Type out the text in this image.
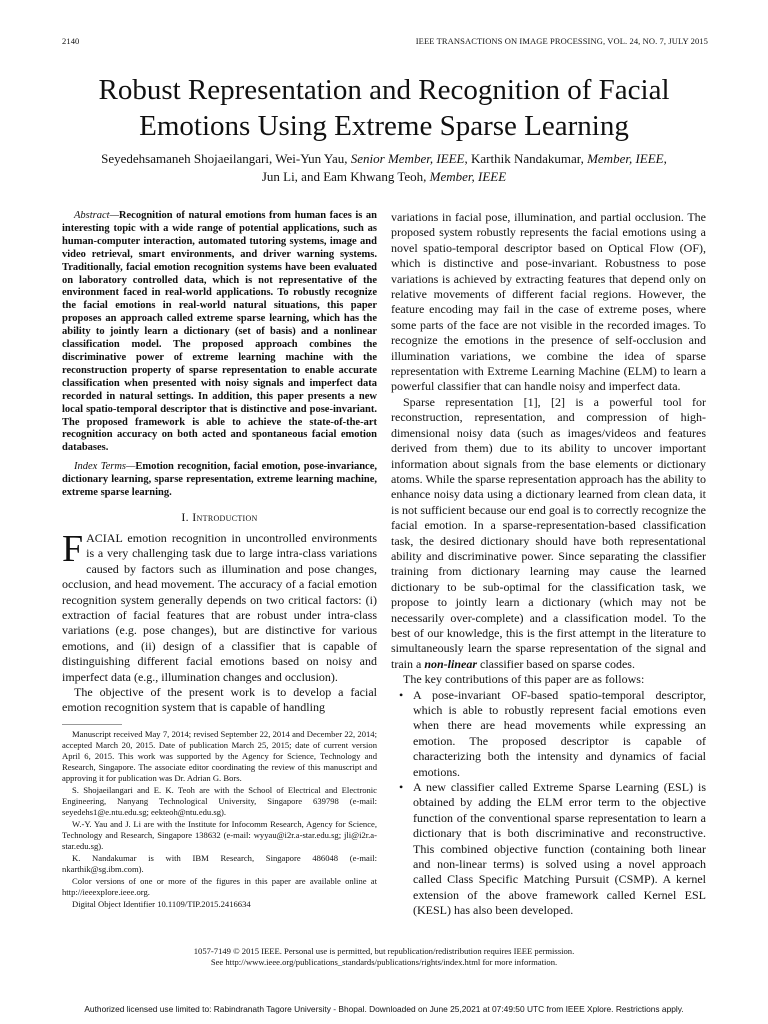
2140	IEEE TRANSACTIONS ON IMAGE PROCESSING, VOL. 24, NO. 7, JULY 2015
Robust Representation and Recognition of Facial
Emotions Using Extreme Sparse Learning
Seyedehsamaneh Shojaeilangari, Wei-Yun Yau, Senior Member, IEEE, Karthik Nandakumar, Member, IEEE,
Jun Li, and Eam Khwang Teoh, Member, IEEE

Abstract—Recognition of natural emotions from human faces is an interesting topic with a wide range of potential applications, such as human-computer interaction, automated tutoring systems, image and video retrieval, smart environments, and driver warning systems. Traditionally, facial emotion recognition systems have been evaluated on laboratory controlled data, which is not representative of the environment faced in real-world applications. To robustly recognize the facial emotions in real-world natural situations, this paper proposes an approach called extreme sparse learning, which has the ability to jointly learn a dictionary (set of basis) and a nonlinear classification model. The proposed approach combines the discriminative power of extreme learning machine with the reconstruction property of sparse representation to enable accurate classification when presented with noisy signals and imperfect data recorded in natural settings. In addition, this paper presents a new local spatio-temporal descriptor that is distinctive and pose-invariant. The proposed framework is able to achieve the state-of-the-art recognition accuracy on both acted and spontaneous facial emotion databases.

Index Terms—Emotion recognition, facial emotion, pose-invariance, dictionary learning, sparse representation, extreme learning machine, extreme sparse learning.

I. Introduction

FACIAL emotion recognition in uncontrolled environments is a very challenging task due to large intra-class variations caused by factors such as illumination and pose changes, occlusion, and head movement. The accuracy of a facial emotion recognition system generally depends on two critical factors: (i) extraction of facial features that are robust under intra-class variations (e.g. pose changes), but are distinctive for various emotions, and (ii) design of a classifier that is capable of distinguishing different facial emotions based on noisy and imperfect data (e.g., illumination changes and occlusion).

The objective of the present work is to develop a facial emotion recognition system that is capable of handling

Manuscript received May 7, 2014; revised September 22, 2014 and December 22, 2014; accepted March 20, 2015. Date of publication March 25, 2015; date of current version April 6, 2015. This work was supported by the Agency for Science, Technology and Research, Singapore. The associate editor coordinating the review of this manuscript and approving it for publication was Dr. Adrian G. Bors.

S. Shojaeilangari and E. K. Teoh are with the School of Electrical and Electronic Engineering, Nanyang Technological University, Singapore 639798 (e-mail: seyedehs1@e.ntu.edu.sg; eekteoh@ntu.edu.sg).

W.-Y. Yau and J. Li are with the Institute for Infocomm Research, Agency for Science, Technology and Research, Singapore 138632 (e-mail: wyyau@i2r.a-star.edu.sg; jli@i2r.a-star.edu.sg).

K. Nandakumar is with IBM Research, Singapore 486048 (e-mail: nkarthik@sg.ibm.com).

Color versions of one or more of the figures in this paper are available online at http://ieeexplore.ieee.org.

Digital Object Identifier 10.1109/TIP.2015.2416634

variations in facial pose, illumination, and partial occlusion. The proposed system robustly represents the facial emotions using a novel spatio-temporal descriptor based on Optical Flow (OF), which is distinctive and pose-invariant. Robustness to pose variations is achieved by extracting features that depend only on relative movements of different facial regions. However, the feature encoding may fail in the case of extreme poses, where some parts of the face are not visible in the recorded images. To recognize the emotions in the presence of self-occlusion and illumination variations, we combine the idea of sparse representation with Extreme Learning Machine (ELM) to learn a powerful classifier that can handle noisy and imperfect data.

Sparse representation [1], [2] is a powerful tool for reconstruction, representation, and compression of high-dimensional noisy data (such as images/videos and features derived from them) due to its ability to uncover important information about signals from the base elements or dictionary atoms. While the sparse representation approach has the ability to enhance noisy data using a dictionary learned from clean data, it is not sufficient because our end goal is to correctly recognize the facial emotion. In a sparse-representation-based classification task, the desired dictionary should have both representational ability and discriminative power. Since separating the classifier training from dictionary learning may cause the learned dictionary to be sub-optimal for the classification task, we propose to jointly learn a dictionary (which may not be necessarily over-complete) and a classification model. To the best of our knowledge, this is the first attempt in the literature to simultaneously learn the sparse representation of the signal and train a non-linear classifier based on sparse codes.

The key contributions of this paper are as follows:

• A pose-invariant OF-based spatio-temporal descriptor, which is able to robustly represent facial emotions even when there are head movements while expressing an emotion. The proposed descriptor is capable of characterizing both the intensity and dynamics of facial emotions.
• A new classifier called Extreme Sparse Learning (ESL) is obtained by adding the ELM error term to the objective function of the conventional sparse representation to learn a dictionary that is both discriminative and reconstructive. This combined objective function (containing both linear and non-linear terms) is solved using a novel approach called Class Specific Matching Pursuit (CSMP). A kernel extension of the above framework called Kernel ESL (KESL) has also been developed.
1057-7149 © 2015 IEEE. Personal use is permitted, but republication/redistribution requires IEEE permission.
See http://www.ieee.org/publications_standards/publications/rights/index.html for more information.
Authorized licensed use limited to: Rabindranath Tagore University - Bhopal. Downloaded on June 25,2021 at 07:49:50 UTC from IEEE Xplore. Restrictions apply.
